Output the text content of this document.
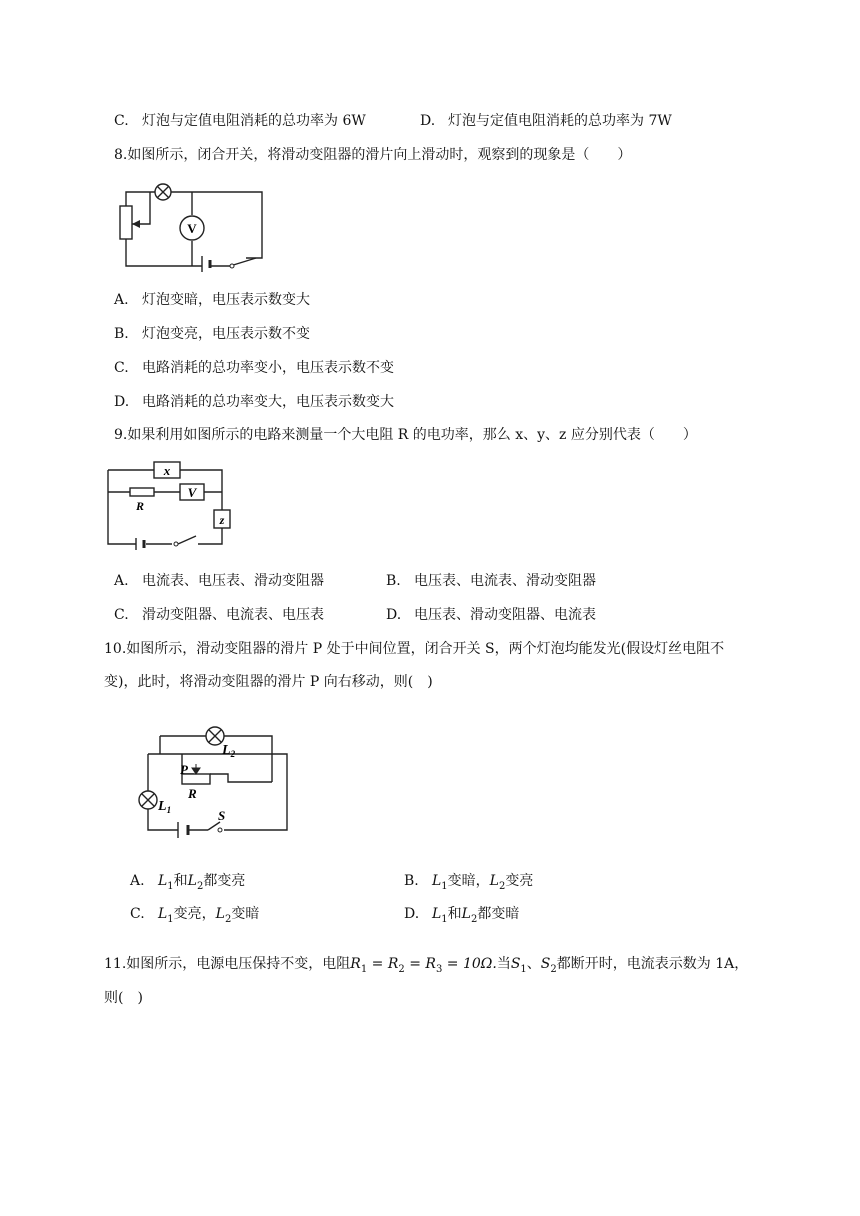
C. 灯泡与定值电阻消耗的总功率为 6W	D. 灯泡与定值电阻消耗的总功率为 7W
8.如图所示，闭合开关，将滑动变阻器的滑片向上滑动时，观察到的现象是（　　）
V
A. 灯泡变暗，电压表示数变大
B. 灯泡变亮，电压表示数不变
C. 电路消耗的总功率变小，电压表示数不变
D. 电路消耗的总功率变大，电压表示数变大
9.如果利用如图所示的电路来测量一个大电阻 R 的电功率，那么 x、y、z 应分别代表（　　）
x
R
V
z
A. 电流表、电压表、滑动变阻器	B. 电压表、电流表、滑动变阻器
C. 滑动变阻器、电流表、电压表	D. 电压表、滑动变阻器、电流表
10.如图所示，滑动变阻器的滑片 P 处于中间位置，闭合开关 S，两个灯泡均能发光(假设灯丝电阻不
变)，此时，将滑动变阻器的滑片 P 向右移动，则(　)
$L_2$
$L_1$
P
R
S
A. $L_1$和$L_2$都变亮	B. $L_1$变暗，$L_2$变亮
C. $L_1$变亮，$L_2$变暗	D. $L_1$和$L_2$都变暗
11.如图所示，电源电压保持不变，电阻$R_1 = R_2 = R_3 = 10\Omega$.当$S_1$、$S_2$都断开时，电流表示数为 1A，
则(　)
